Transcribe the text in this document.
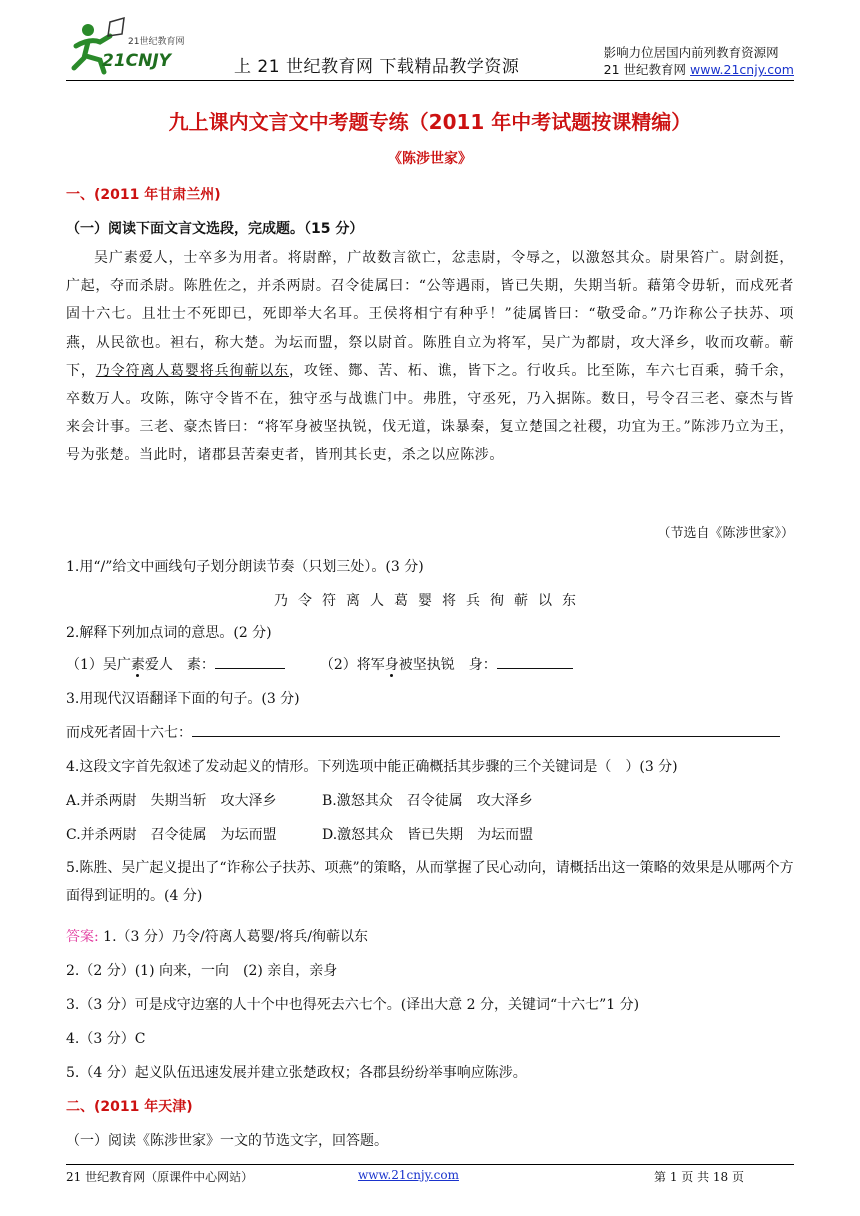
21世纪教育网
21CNJY	上 21 世纪教育网 下载精品教学资源
影响力位居国内前列教育资源网
21 世纪教育网 www.21cnjy.com
九上课内文言文中考题专练（2011 年中考试题按课精编）
《陈涉世家》
一、(2011 年甘肃兰州)
（一）阅读下面文言文选段，完成题。（15 分）
吴广素爱人，士卒多为用者。将尉醉，广故数言欲亡，忿恚尉，令辱之，以激怒其众。尉果笞广。尉剑挺，广起，夺而杀尉。陈胜佐之，并杀两尉。召令徒属曰：“公等遇雨，皆已失期，失期当斩。藉第令毋斩，而戍死者固十六七。且壮士不死即已，死即举大名耳。王侯将相宁有种乎！”徒属皆曰：“敬受命。”乃诈称公子扶苏、项燕，从民欲也。袒右，称大楚。为坛而盟，祭以尉首。陈胜自立为将军，吴广为都尉，攻大泽乡，收而攻蕲。蕲下，乃令符离人葛婴将兵徇蕲以东，攻铚、酂、苦、柘、谯，皆下之。行收兵。比至陈，车六七百乘，骑千余，卒数万人。攻陈，陈守令皆不在，独守丞与战谯门中。弗胜，守丞死，乃入据陈。数日，号令召三老、豪杰与皆来会计事。三老、豪杰皆曰：“将军身被坚执锐，伐无道，诛暴秦，复立楚国之社稷，功宜为王。”陈涉乃立为王，号为张楚。当此时，诸郡县苦秦吏者，皆刑其长吏，杀之以应陈涉。
（节选自《陈涉世家》）
1.用“/”给文中画线句子划分朗读节奏（只划三处）。(3 分)
乃令符离人葛婴将兵徇蕲以东
2.解释下列加点词的意思。(2 分)
（1）吴广素爱人　素：	（2）将军身被坚执锐　身：
3.用现代汉语翻译下面的句子。(3 分)
而戍死者固十六七：
4.这段文字首先叙述了发动起义的情形。下列选项中能正确概括其步骤的三个关键词是（　）(3 分)
A.并杀两尉　失期当斩　攻大泽乡	B.激怒其众　召令徒属　攻大泽乡
C.并杀两尉　召令徒属　为坛而盟	D.激怒其众　皆已失期　为坛而盟
5.陈胜、吴广起义提出了“诈称公子扶苏、项燕”的策略，从而掌握了民心动向，请概括出这一策略的效果是从哪两个方面得到证明的。(4 分)
答案: 1.（3 分）乃令/符离人葛婴/将兵/徇蕲以东
2.（2 分）(1) 向来，一向　(2) 亲自，亲身
3.（3 分）可是戍守边塞的人十个中也得死去六七个。(译出大意 2 分，关键词“十六七”1 分)
4.（3 分）C
5.（4 分）起义队伍迅速发展并建立张楚政权；各郡县纷纷举事响应陈涉。
二、(2011 年天津)
（一）阅读《陈涉世家》一文的节选文字，回答题。
21 世纪教育网（原课件中心网站）	www.21cnjy.com	第 1 页 共 18 页
